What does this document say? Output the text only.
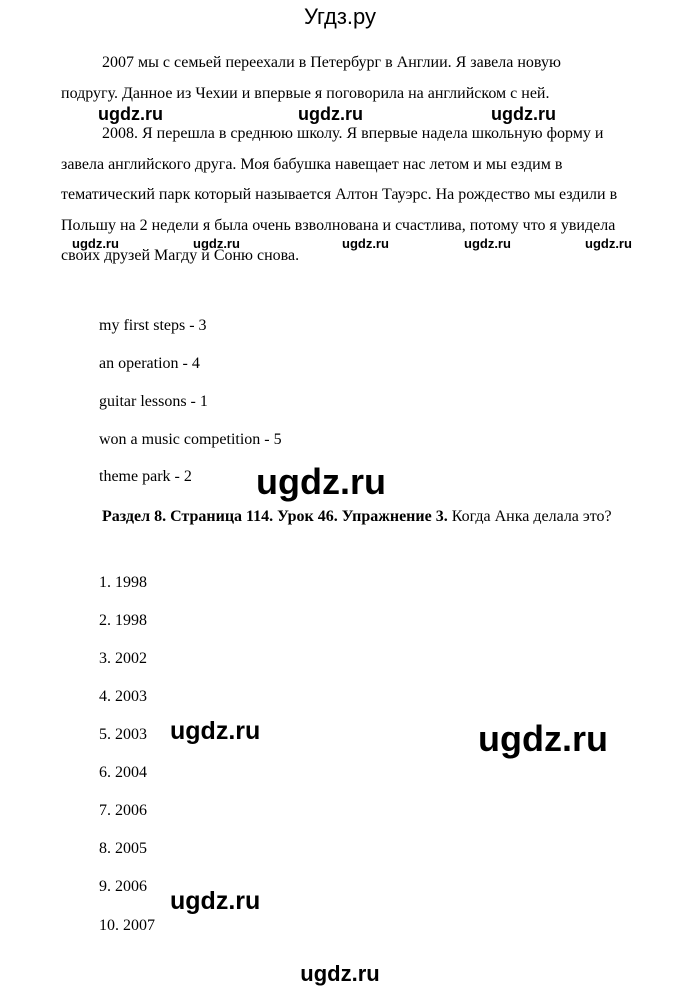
Угдз.ру

2007 мы с семьей переехали в Петербург в Англии. Я завела новую подругу. Данное из Чехии и впервые я поговорила на английском с ней.

ugdz.ru	ugdz.ru	ugdz.ru

2008. Я перешла в среднюю школу. Я впервые надела школьную форму и завела английского друга. Моя бабушка навещает нас летом и мы ездим в тематический парк который называется Алтон Тауэрс. На рождество мы ездили в Польшу на 2 недели я была очень взволнована и счастлива, потому что я увидела своих друзей Магду и Соню снова.

ugdz.ru	ugdz.ru	ugdz.ru	ugdz.ru	ugdz.ru
my first steps - 3
an operation - 4
guitar lessons - 1
won a music competition - 5
theme park - 2 ugdz.ru

Раздел 8. Страница 114. Урок 46. Упражнение 3. Когда Анка делала это?

1. 1998
2. 1998
3. 2002
4. 2003
5. 2003
6. 2004
7. 2006
8. 2005
9. 2006
10. 2007
ugdz.ru	ugdz.ru
ugdz.ru
ugdz.ru
